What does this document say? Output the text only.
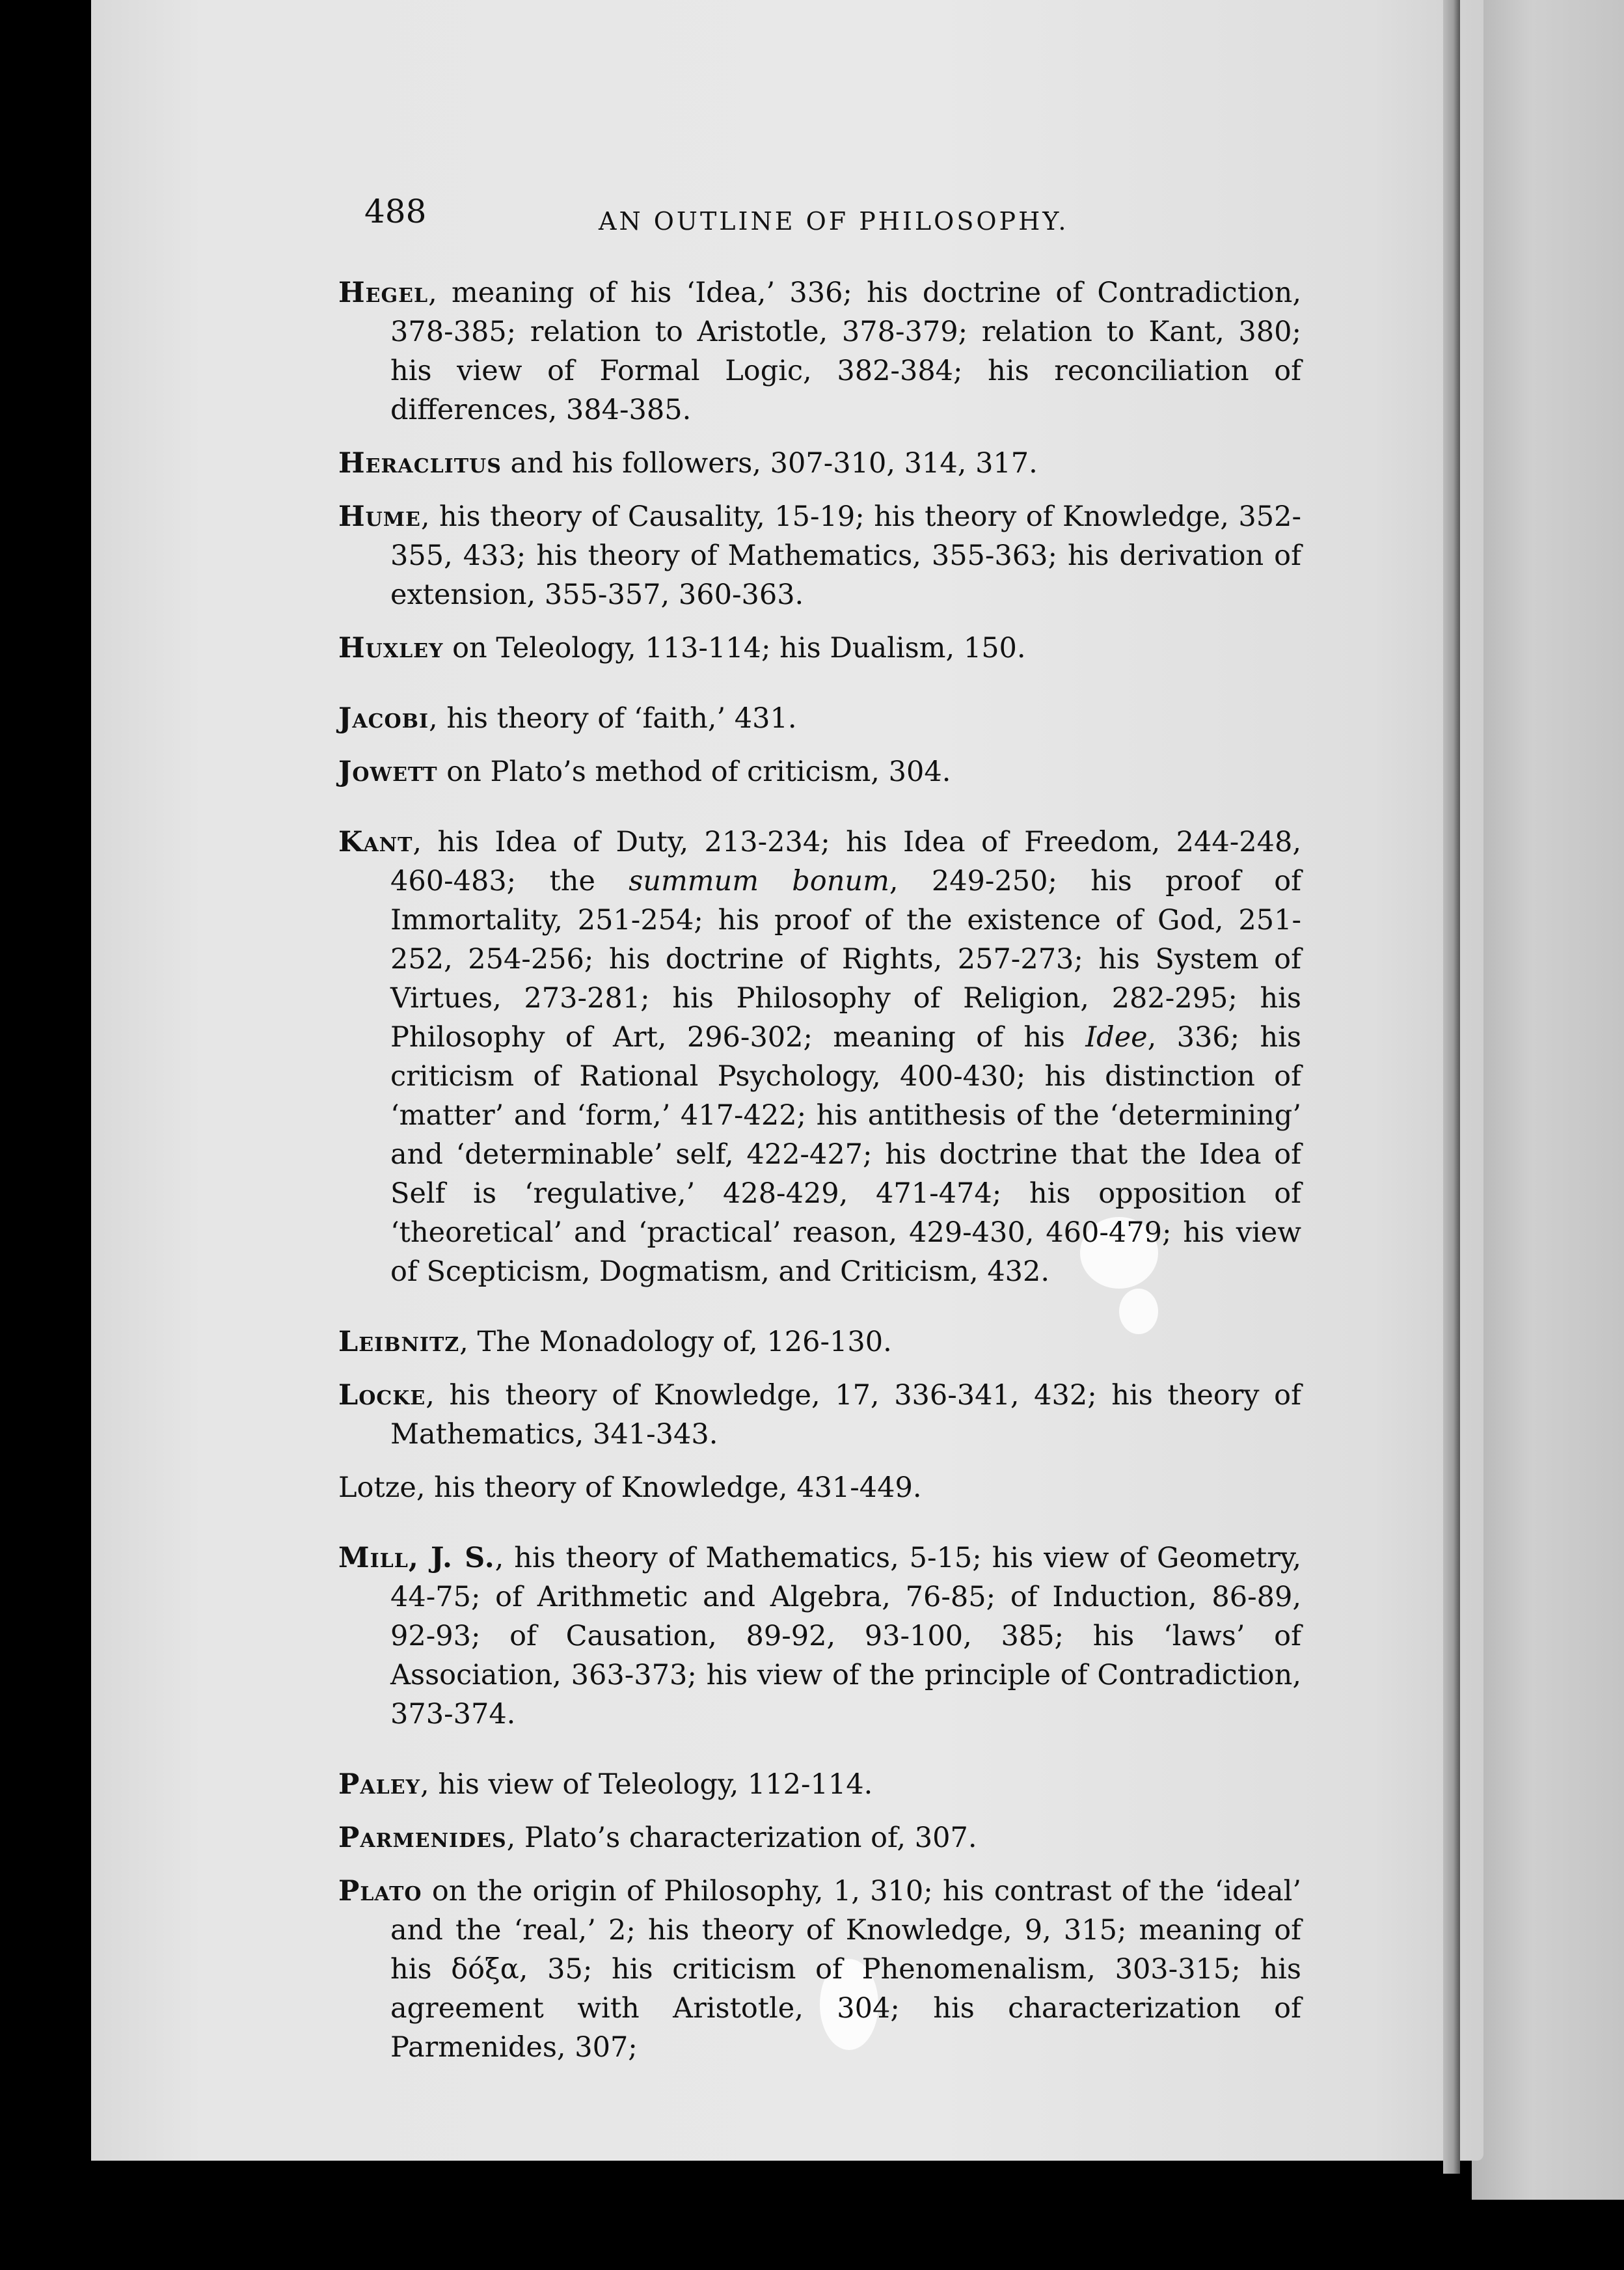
488	AN OUTLINE OF PHILOSOPHY.

Hegel, meaning of his ‘Idea,’ 336; his doctrine of Contradiction, 378-385; relation to Aristotle, 378-379; relation to Kant, 380; his view of Formal Logic, 382-384; his reconciliation of differences, 384-385.

Heraclitus and his followers, 307-310, 314, 317.

Hume, his theory of Causality, 15-19; his theory of Knowledge, 352-355, 433; his theory of Mathematics, 355-363; his derivation of extension, 355-357, 360-363.

Huxley on Teleology, 113-114; his Dualism, 150.

Jacobi, his theory of ‘faith,’ 431.

Jowett on Plato’s method of criticism, 304.

Kant, his Idea of Duty, 213-234; his Idea of Freedom, 244-248, 460-483; the summum bonum, 249-250; his proof of Immortality, 251-254; his proof of the existence of God, 251-252, 254-256; his doctrine of Rights, 257-273; his System of Virtues, 273-281; his Philosophy of Religion, 282-295; his Philosophy of Art, 296-302; meaning of his Idee, 336; his criticism of Rational Psychology, 400-430; his distinction of ‘matter’ and ‘form,’ 417-422; his antithesis of the ‘determining’ and ‘determinable’ self, 422-427; his doctrine that the Idea of Self is ‘regulative,’ 428-429, 471-474; his opposition of ‘theoretical’ and ‘practical’ reason, 429-430, 460-479; his view of Scepticism, Dogmatism, and Criticism, 432.

Leibnitz, The Monadology of, 126-130.

Locke, his theory of Knowledge, 17, 336-341, 432; his theory of Mathematics, 341-343.

Lotze, his theory of Knowledge, 431-449.

Mill, J. S., his theory of Mathematics, 5-15; his view of Geometry, 44-75; of Arithmetic and Algebra, 76-85; of Induction, 86-89, 92-93; of Causation, 89-92, 93-100, 385; his ‘laws’ of Association, 363-373; his view of the principle of Contradiction, 373-374.

Paley, his view of Teleology, 112-114.

Parmenides, Plato’s characterization of, 307.

Plato on the origin of Philosophy, 1, 310; his contrast of the ‘ideal’ and the ‘real,’ 2; his theory of Knowledge, 9, 315; meaning of his δόξα, 35; his criticism of Phenomenalism, 303-315; his agreement with Aristotle, 304; his characterization of Parmenides, 307;
